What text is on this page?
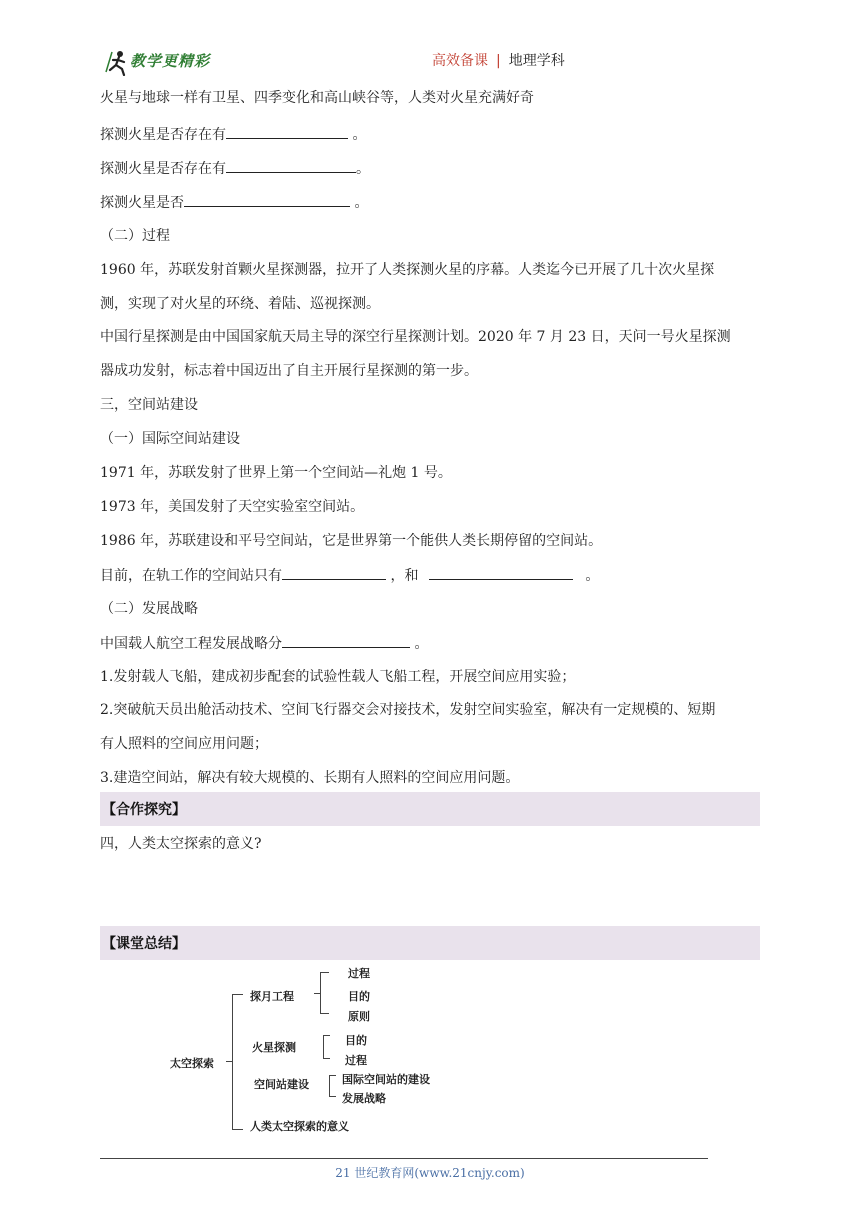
教学更精彩	高效备课 | 地理学科
火星与地球一样有卫星、四季变化和高山峡谷等，人类对火星充满好奇
探测火星是否存在有	。
探测火星是否存在有	。
探测火星是否	。
（二）过程
1960 年，苏联发射首颗火星探测器，拉开了人类探测火星的序幕。人类迄今已开展了几十次火星探
测，实现了对火星的环绕、着陆、巡视探测。
中国行星探测是由中国国家航天局主导的深空行星探测计划。2020 年 7 月 23 日，天问一号火星探测
器成功发射，标志着中国迈出了自主开展行星探测的第一步。
三，空间站建设
（一）国际空间站建设
1971 年，苏联发射了世界上第一个空间站—礼炮 1 号。
1973 年，美国发射了天空实验室空间站。
1986 年，苏联建设和平号空间站，它是世界第一个能供人类长期停留的空间站。
目前，在轨工作的空间站只有	，和	。
（二）发展战略
中国载人航空工程发展战略分	。
1.发射载人飞船，建成初步配套的试验性载人飞船工程，开展空间应用实验；
2.突破航天员出舱活动技术、空间飞行器交会对接技术，发射空间实验室，解决有一定规模的、短期
有人照料的空间应用问题；
3.建造空间站，解决有较大规模的、长期有人照料的空间应用问题。
【合作探究】
四，人类太空探索的意义?
【课堂总结】
太空探索
探月工程
过程
目的
原则
火星探测
目的
过程
空间站建设	国际空间站的建设
发展战略
人类太空探索的意义
21 世纪教育网(www.21cnjy.com)
